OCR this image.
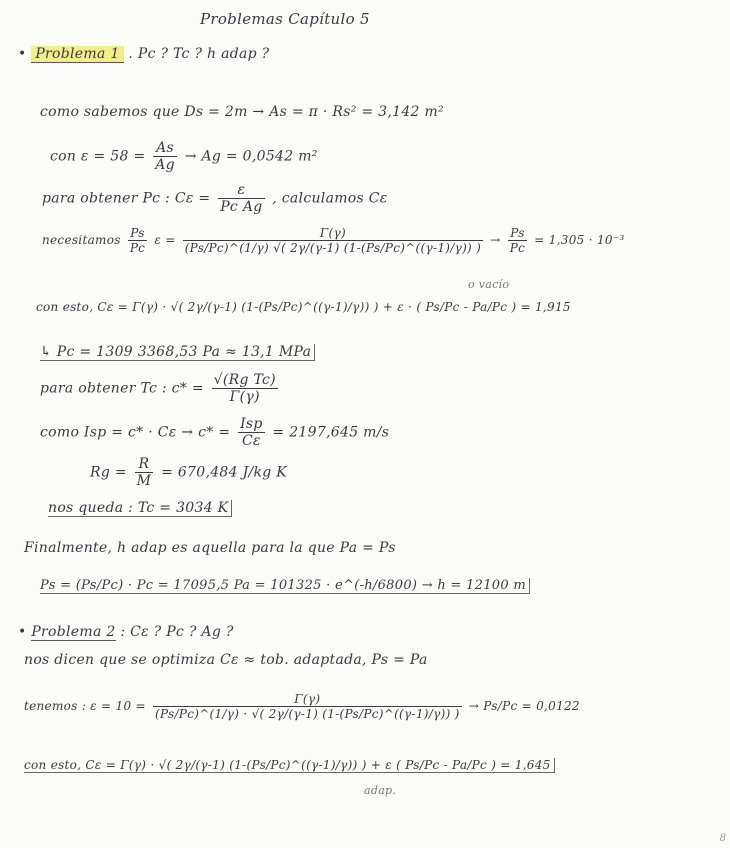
Problemas Capítulo 5
• Problema 1 . Pc ? Tc ? h adap ?
como sabemos que Ds = 2m → As = π · Rs² = 3,142 m²
con $\varepsilon = 58 = \frac{As}{Ag} \to Ag = 0,0542$ m²
para obtener Pc : $C\varepsilon = \frac{\varepsilon}{\text{Pc Ag}}$ , calculamos Cε
necesitamos $\frac{Ps}{Pc}$ $\varepsilon = \frac{\Gamma(\gamma)}{(Ps/Pc)\^{}(1/\gamma) √( 2\gamma/(\gamma-1) (1-(Ps/Pc)\^{}((\gamma-1)/\gamma)) )} \to \frac{Ps}{Pc} = 1,305 \cdot 10^{-3}$
o vacío
con esto, Cε = Γ(γ) · √( 2γ/(γ-1) (1-(Ps/Pc)^((γ-1)/γ)) ) + ε · ( Ps/Pc - Pa/Pc ) = 1,915
↳ Pc = 1309 3368,53 Pa ≈ 13,1 MPa
para obtener Tc : $c* = \frac{\text{√(Rg Tc)}}{\Gamma(\gamma)}$
como Isp = $c* \cdot C\varepsilon \to c* = \frac{\text{Isp}}{C\varepsilon} = 2197,645$ m/s
$Rg = \frac{R}{M} = 670,484$ J/kg K
nos queda : Tc = 3034 K
Finalmente, h adap es aquella para la que Pa = Ps
Ps = (Ps/Pc) · Pc = 17095,5 Pa = 101325 · e^(-h/6800) → h = 12100 m
• Problema 2 : Cε ? Pc ? Ag ?
nos dicen que se optimiza Cε ≈ tob. adaptada, Ps = Pa
tenemos : $\varepsilon = 10 = \frac{\Gamma(\gamma)}{(Ps/Pc)\^{}(1/\gamma) \cdot √( 2\gamma/(\gamma-1) (1-(Ps/Pc)\^{}((\gamma-1)/\gamma)) )} \to Ps/Pc = 0,0122$
con esto, Cε = Γ(γ) · √( 2γ/(γ-1) (1-(Ps/Pc)^((γ-1)/γ)) ) + ε ( Ps/Pc - Pa/Pc ) = 1,645
adap.
8
